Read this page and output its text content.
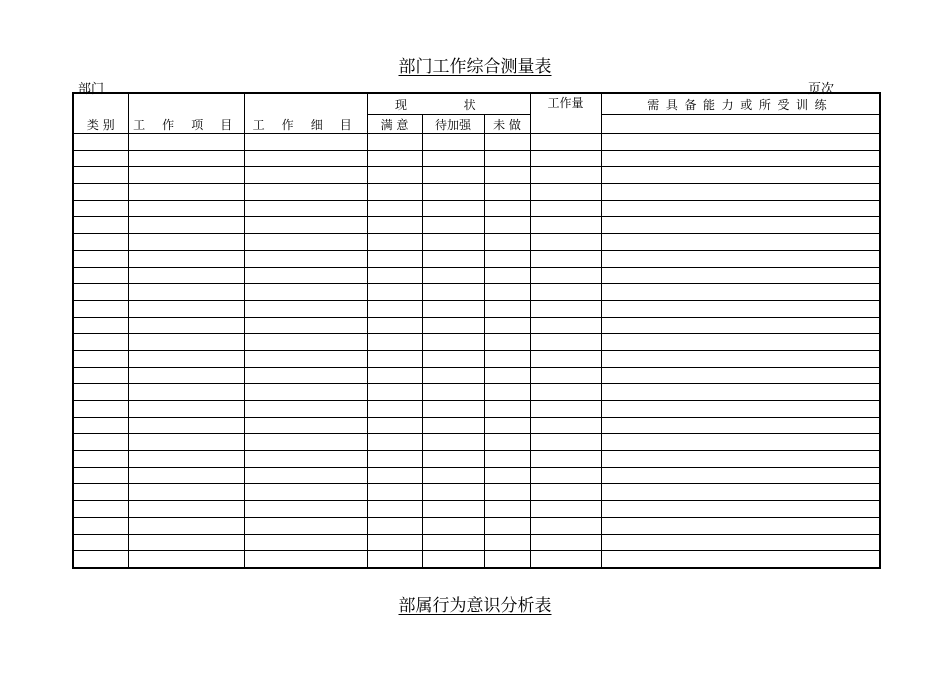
部门工作综合测量表
部门	页次
类 别	工 作 项 目	工 作 细 目	现 状			工作量	需具备能力或所受训练
			满 意	待加强	未 做		

部属行为意识分析表
